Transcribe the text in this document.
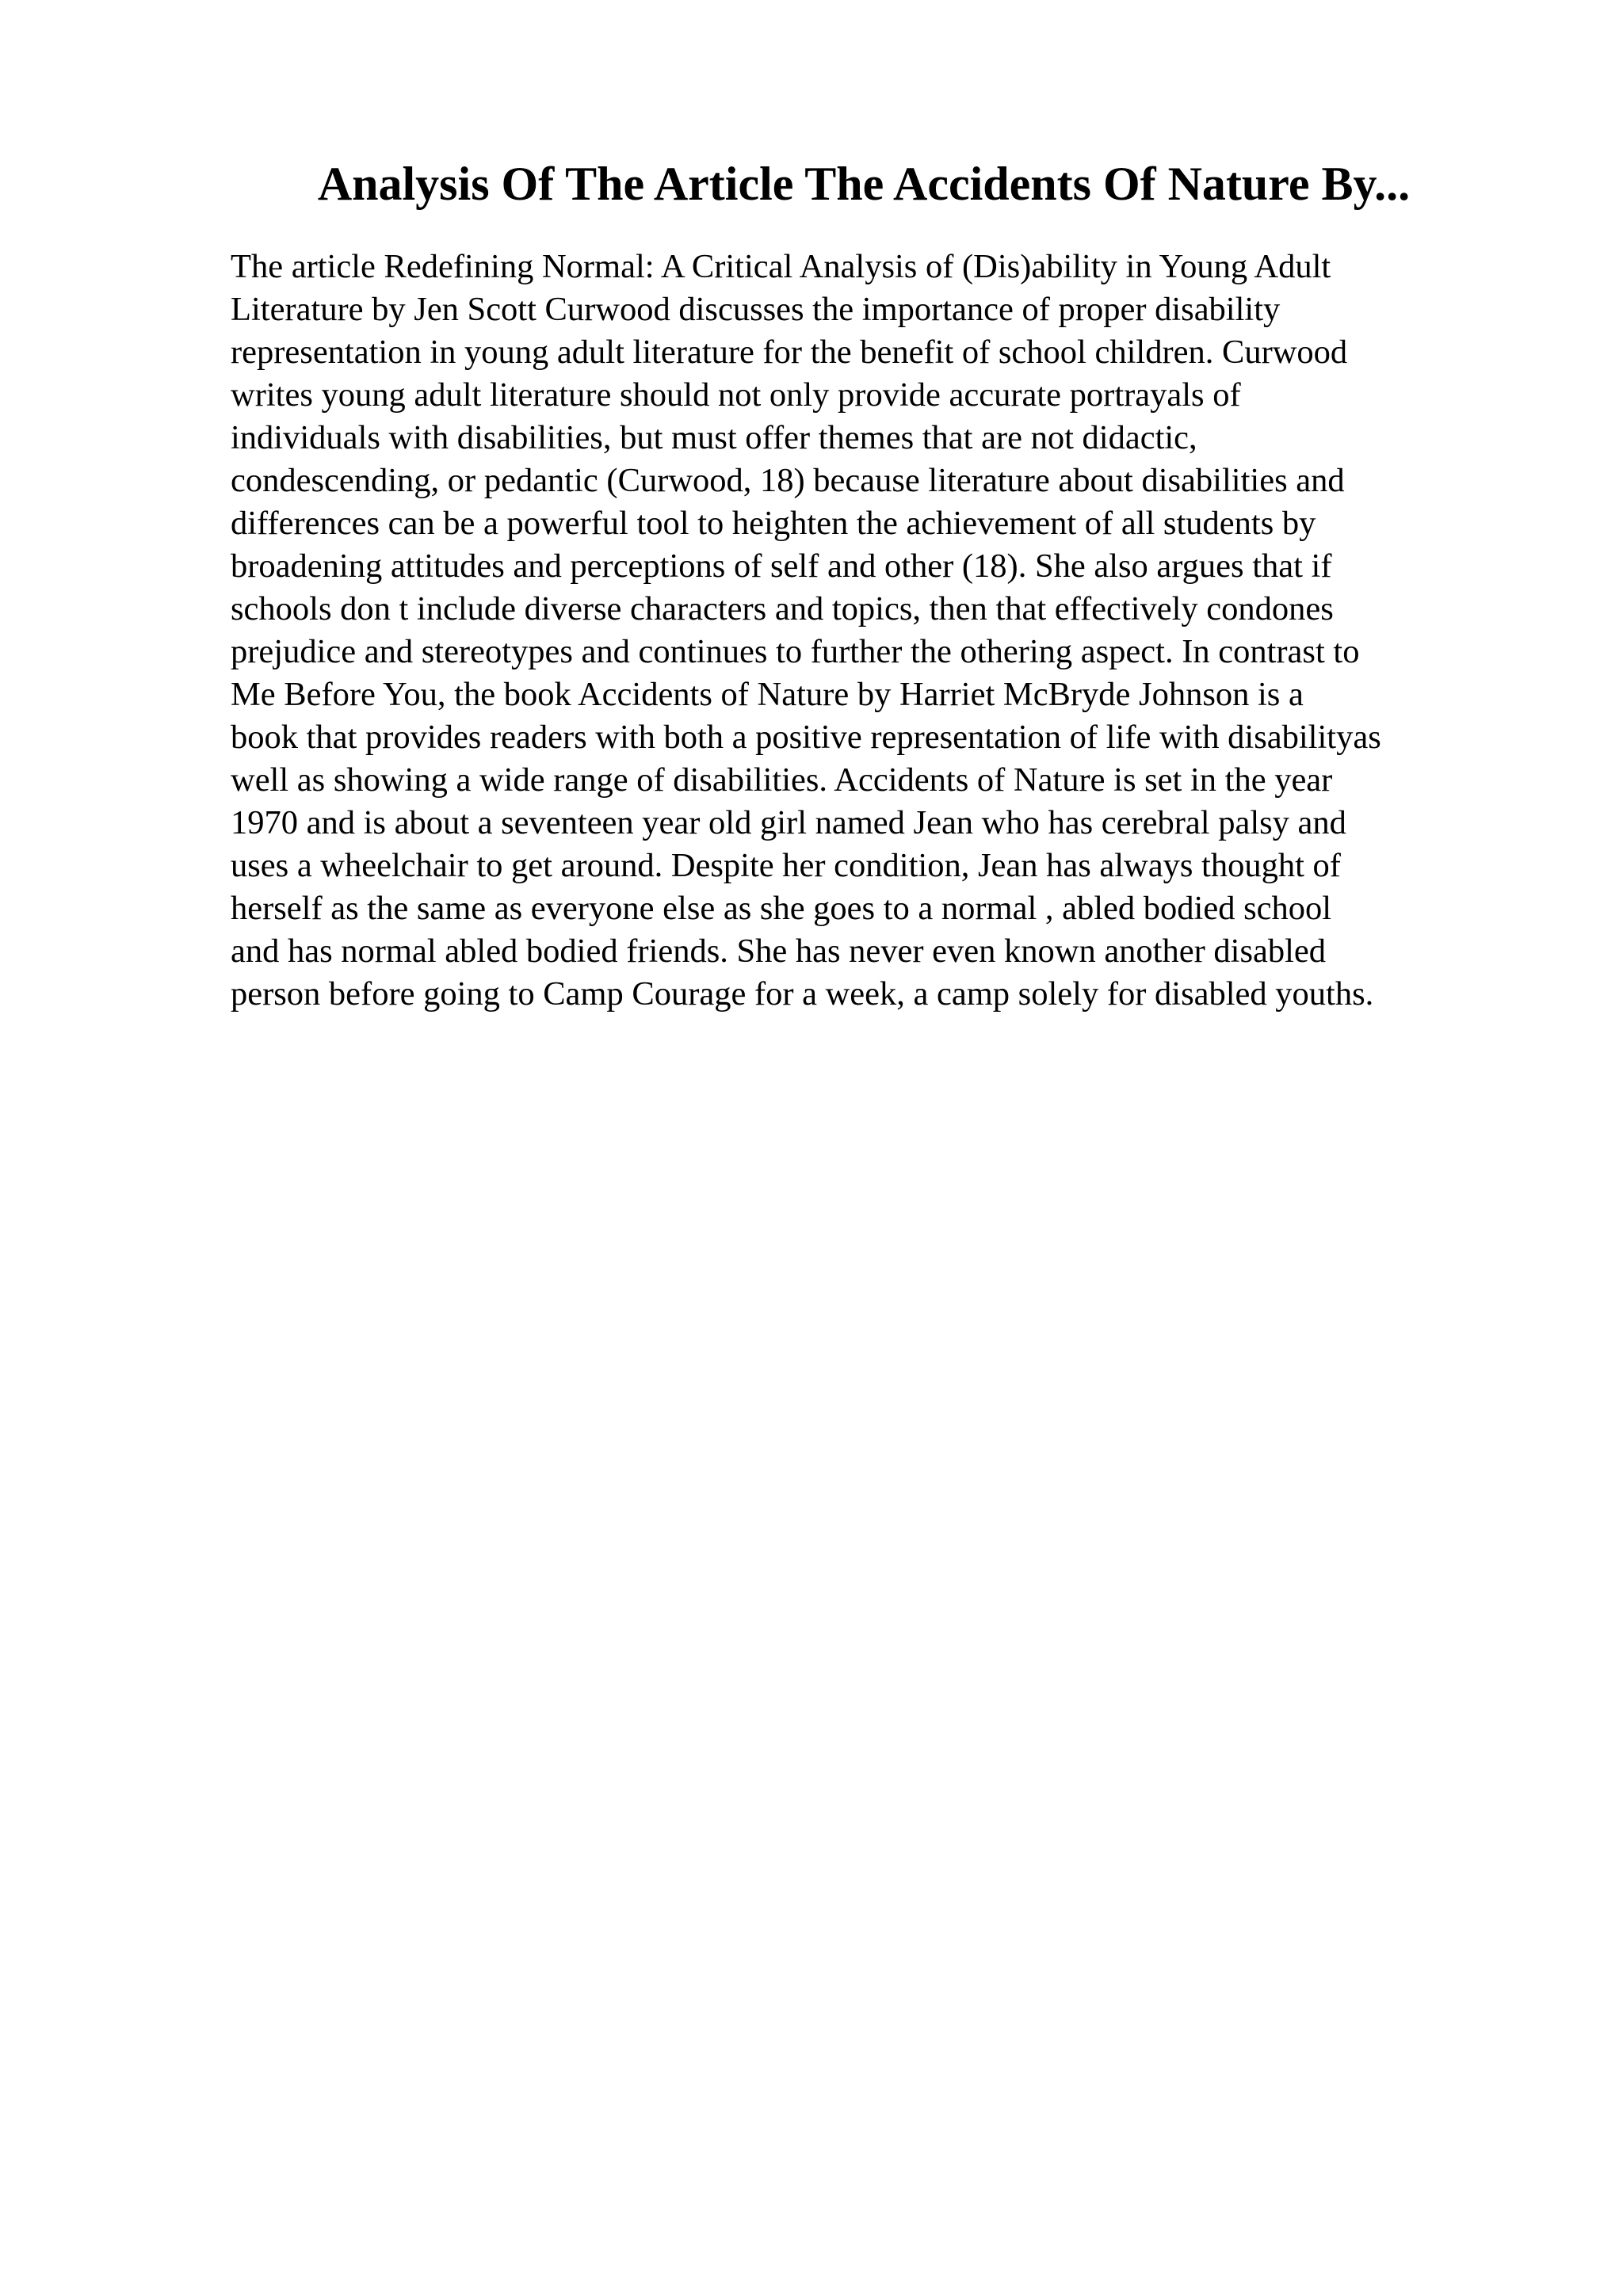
Analysis Of The Article The Accidents Of Nature By...

The article Redefining Normal: A Critical Analysis of (Dis)ability in Young Adult
Literature by Jen Scott Curwood discusses the importance of proper disability
representation in young adult literature for the benefit of school children. Curwood
writes young adult literature should not only provide accurate portrayals of
individuals with disabilities, but must offer themes that are not didactic,
condescending, or pedantic (Curwood, 18) because literature about disabilities and
differences can be a powerful tool to heighten the achievement of all students by
broadening attitudes and perceptions of self and other (18). She also argues that if
schools don t include diverse characters and topics, then that effectively condones
prejudice and stereotypes and continues to further the othering aspect. In contrast to
Me Before You, the book Accidents of Nature by Harriet McBryde Johnson is a
book that provides readers with both a positive representation of life with disabilityas
well as showing a wide range of disabilities. Accidents of Nature is set in the year
1970 and is about a seventeen year old girl named Jean who has cerebral palsy and
uses a wheelchair to get around. Despite her condition, Jean has always thought of
herself as the same as everyone else as she goes to a normal , abled bodied school
and has normal abled bodied friends. She has never even known another disabled
person before going to Camp Courage for a week, a camp solely for disabled youths.
